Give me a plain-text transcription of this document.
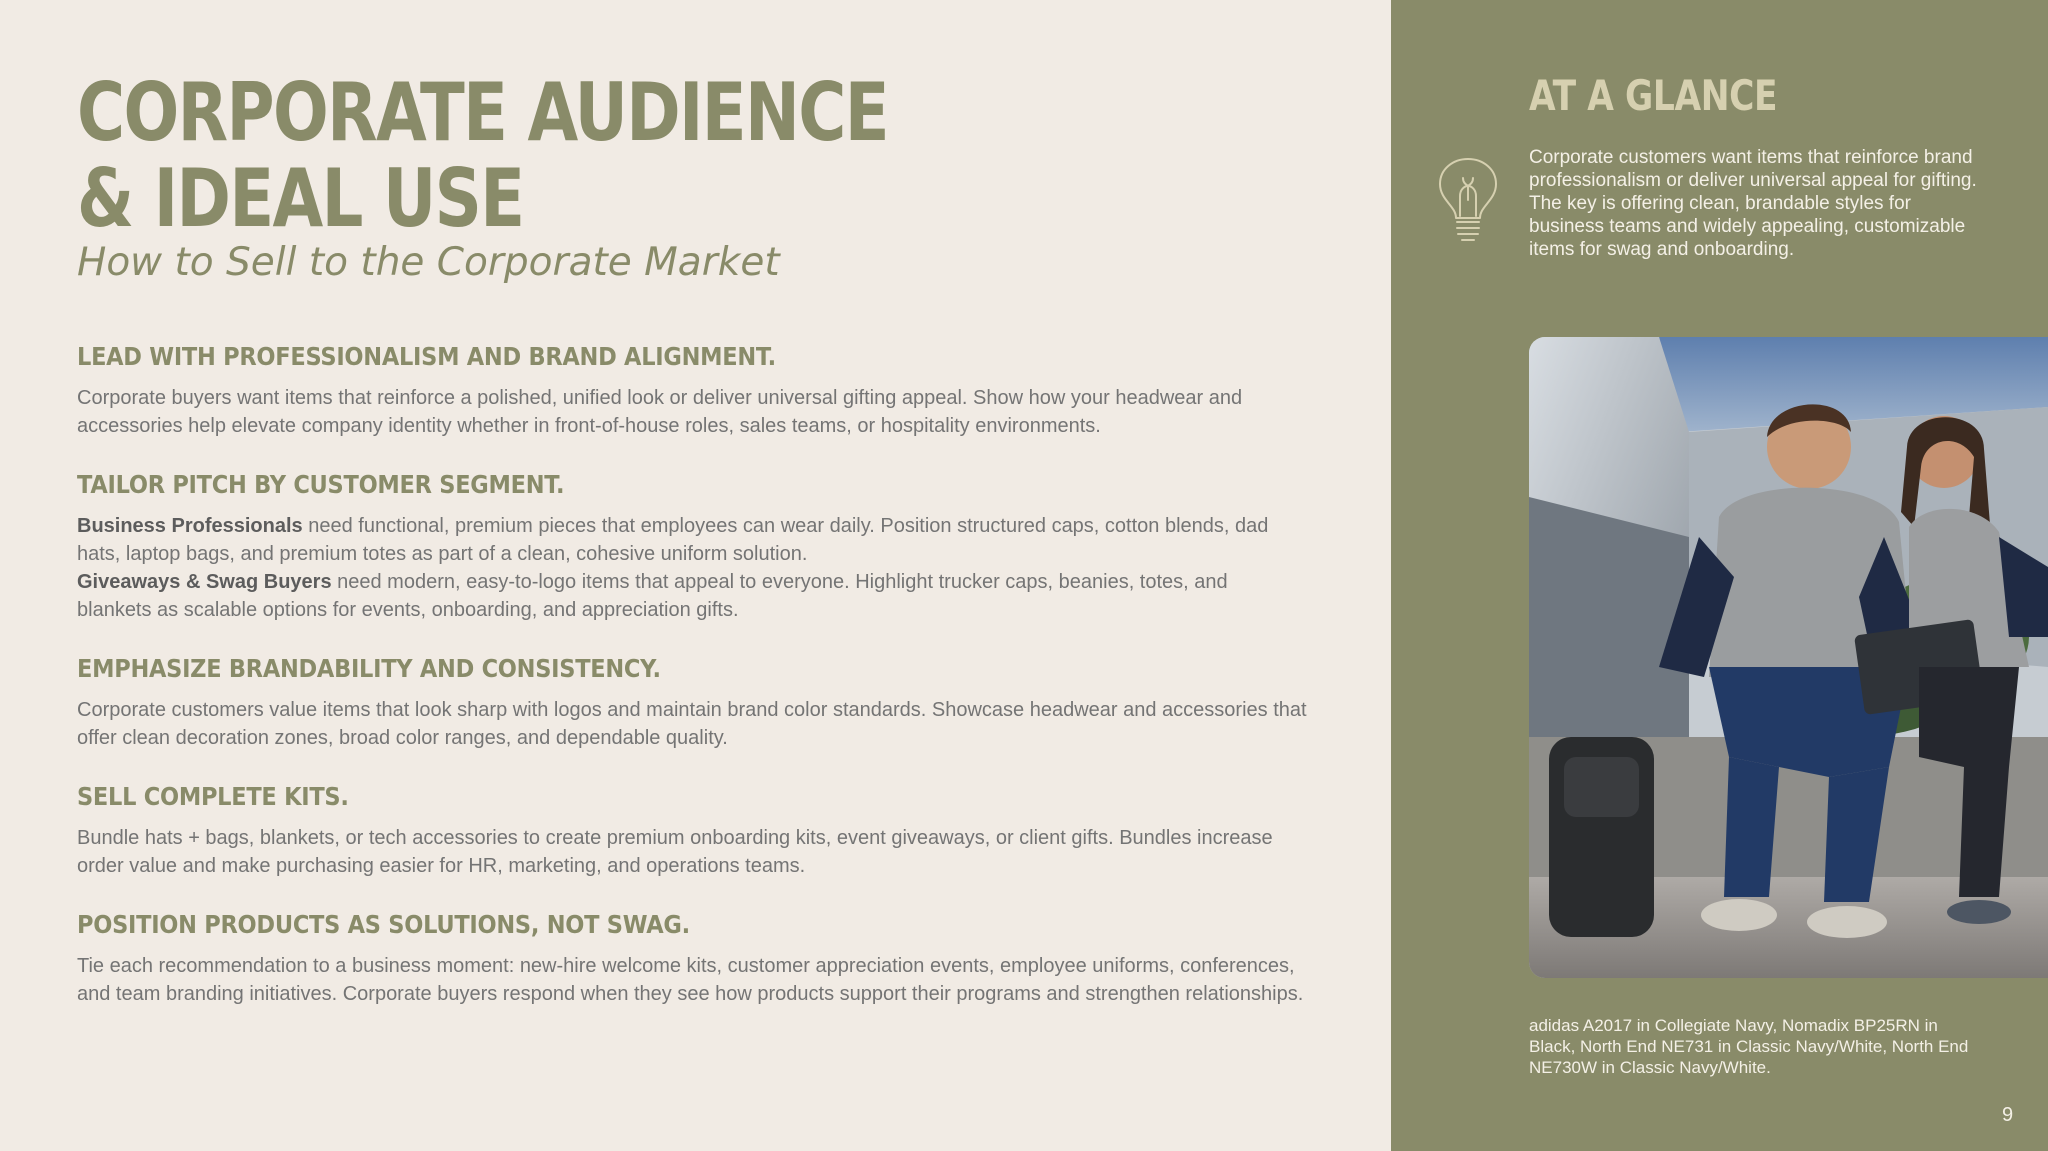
CORPORATE AUDIENCE
& IDEAL USE

How to Sell to the Corporate Market

LEAD WITH PROFESSIONALISM AND BRAND ALIGNMENT.

Corporate buyers want items that reinforce a polished, unified look or deliver universal gifting appeal. Show how your headwear and accessories help elevate company identity whether in front-of-house roles, sales teams, or hospitality environments.

TAILOR PITCH BY CUSTOMER SEGMENT.

Business Professionals need functional, premium pieces that employees can wear daily. Position structured caps, cotton blends, dad hats, laptop bags, and premium totes as part of a clean, cohesive uniform solution.

Giveaways & Swag Buyers need modern, easy-to-logo items that appeal to everyone. Highlight trucker caps, beanies, totes, and blankets as scalable options for events, onboarding, and appreciation gifts.

EMPHASIZE BRANDABILITY AND CONSISTENCY.

Corporate customers value items that look sharp with logos and maintain brand color standards. Showcase headwear and accessories that offer clean decoration zones, broad color ranges, and dependable quality.

SELL COMPLETE KITS.

Bundle hats + bags, blankets, or tech accessories to create premium onboarding kits, event giveaways, or client gifts. Bundles increase order value and make purchasing easier for HR, marketing, and operations teams.

POSITION PRODUCTS AS SOLUTIONS, NOT SWAG.

Tie each recommendation to a business moment: new-hire welcome kits, customer appreciation events, employee uniforms, conferences, and team branding initiatives. Corporate buyers respond when they see how products support their programs and strengthen relationships.

AT A GLANCE

Corporate customers want items that reinforce brand professionalism or deliver universal appeal for gifting. The key is offering clean, brandable styles for business teams and widely appealing, customizable items for swag and onboarding.

adidas A2017 in Collegiate Navy, Nomadix BP25RN in Black, North End NE731 in Classic Navy/White, North End NE730W in Classic Navy/White.

9
